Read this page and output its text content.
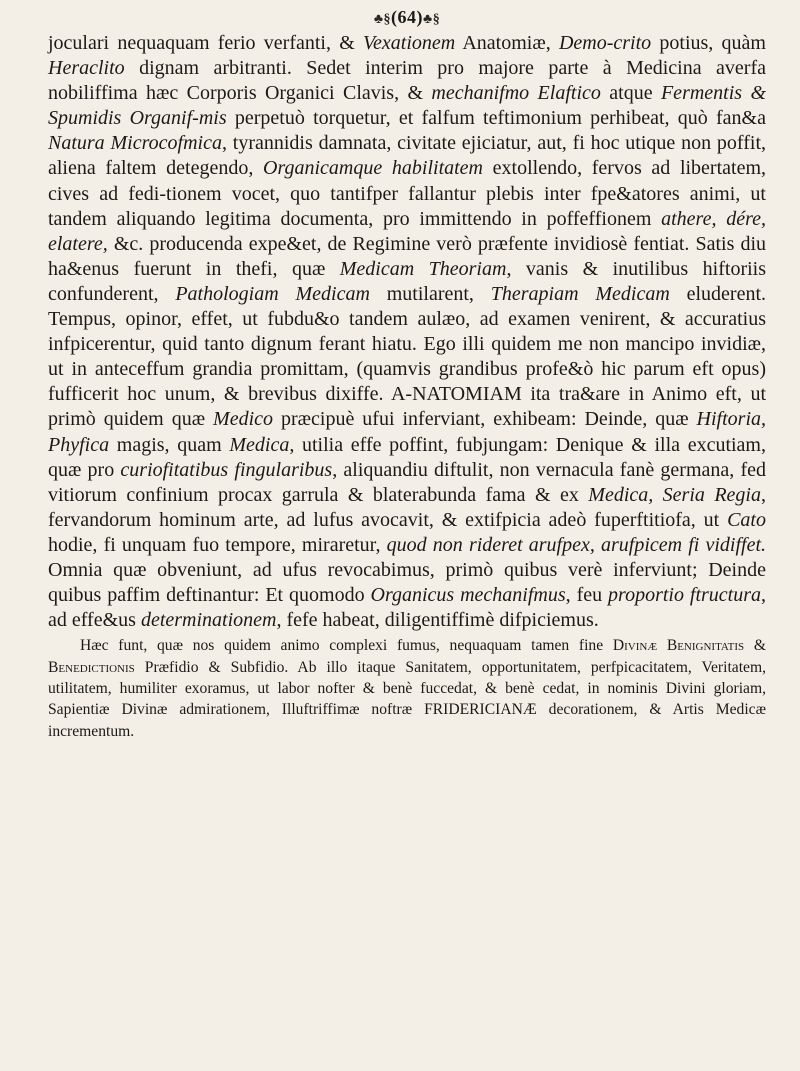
♣§(64)♣§

joculari nequaquam ferio verfanti, & Vexationem Anatomiæ, Demo-crito potius, quàm Heraclito dignam arbitranti. Sedet interim pro majore parte à Medicina averfa nobiliffima hæc Corporis Organici Clavis, & mechanifmo Elaftico atque Fermentis & Spumidis Organif-mis perpetuò torquetur, et falfum teftimonium perhibeat, quò fan&a Natura Microcofmica, tyrannidis damnata, civitate ejiciatur, aut, fi hoc utique non poffit, aliena faltem detegendo, Organicamque habilitatem extollendo, fervos ad libertatem, cives ad fedi-tionem vocet, quo tantifper fallantur plebis inter fpe&atores animi, ut tandem aliquando legitima documenta, pro immittendo in poffeffionem athere, dére, elatere, &c. producenda expe&et, de Regimine verò præfente invidiosè fentiat. Satis diu ha&enus fuerunt in thefi, quæ Medicam Theoriam, vanis & inutilibus hiftoriis confunderent, Pathologiam Medicam mutilarent, Therapiam Medicam eluderent. Tempus, opinor, effet, ut fubdu&o tandem aulæo, ad examen venirent, & accuratius infpicerentur, quid tanto dignum ferant hiatu. Ego illi quidem me non mancipo invidiæ, ut in anteceffum grandia promittam, (quamvis grandibus profe&ò hic parum eft opus) fufficerit hoc unum, & brevibus dixiffe. A-NATOMIAM ita tra&are in Animo eft, ut primò quidem quæ Medico præcipuè ufui inferviant, exhibeam: Deinde, quæ Hiftoria, Phyfica magis, quam Medica, utilia effe poffint, fubjungam: Denique & illa excutiam, quæ pro curiofitatibus fingularibus, aliquandiu diftulit, non vernacula fanè germana, fed vitiorum confinium procax garrula & blaterabunda fama & ex Medica, Seria Regia, fervandorum hominum arte, ad lufus avocavit, & extifpicia adeò fuperftitiofa, ut Cato hodie, fi unquam fuo tempore, miraretur, quod non rideret arufpex, arufpicem fi vidiffet. Omnia quæ obveniunt, ad ufus revocabimus, primò quibus verè inferviunt; Deinde quibus paffim deftinantur: Et quomodo Organicus mechanifmus, feu proportio ftructura, ad effe&us determinationem, fefe habeat, diligentiffimè difpiciemus.

Hæc funt, quæ nos quidem animo complexi fumus, nequaquam tamen fine Divinæ Benignitatis & Benedictionis Præfidio & Subfidio. Ab illo itaque Sanitatem, opportunitatem, perfpicacitatem, Veritatem, utilitatem, humiliter exoramus, ut labor nofter & benè fuccedat, & benè cedat, in nominis Divini gloriam, Sapientiæ Divinæ admirationem, Illuftriffimæ noftræ FRIDERICIANÆ decorationem, & Artis Medicæ incrementum.
